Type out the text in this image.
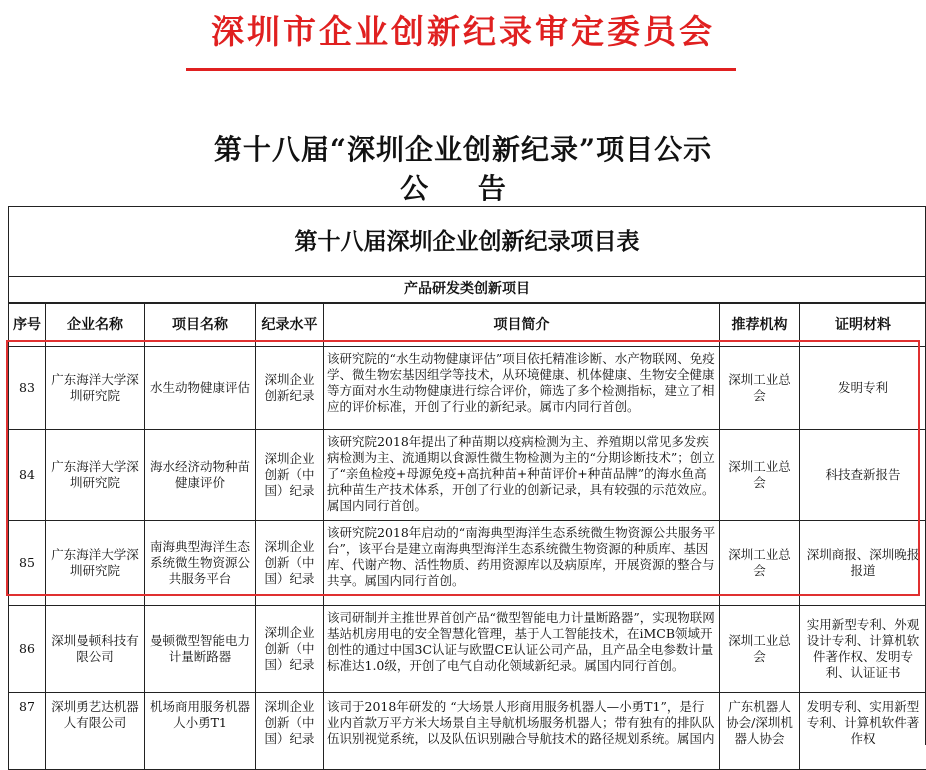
深圳市企业创新纪录审定委员会
第十八届“深圳企业创新纪录”项目公示
公 告
第十八届深圳企业创新纪录项目表
产品研发类创新项目
序号	企业名称	项目名称	纪录水平	项目简介	推荐机构	证明材料
83	广东海洋大学深圳研究院	水生动物健康评估	深圳企业创新纪录	该研究院的“水生动物健康评估”项目依托精准诊断、水产物联网、免疫学、微生物宏基因组学等技术，从环境健康、机体健康、生物安全健康等方面对水生动物健康进行综合评价，筛选了多个检测指标，建立了相应的评价标准，开创了行业的新纪录。属市内同行首创。	深圳工业总会	发明专利
84	广东海洋大学深圳研究院	海水经济动物种苗健康评价	深圳企业创新（中国）纪录	该研究院2018年提出了种苗期以疫病检测为主、养殖期以常见多发疾病检测为主、流通期以食源性微生物检测为主的“分期诊断技术”；创立了“亲鱼检疫+母源免疫+高抗种苗+种苗评价+种苗品牌”的海水鱼高抗种苗生产技术体系，开创了行业的创新记录，具有较强的示范效应。属国内同行首创。	深圳工业总会	科技查新报告
85	广东海洋大学深圳研究院	南海典型海洋生态系统微生物资源公共服务平台	深圳企业创新（中国）纪录	该研究院2018年启动的“南海典型海洋生态系统微生物资源公共服务平台”，该平台是建立南海典型海洋生态系统微生物资源的种质库、基因库、代谢产物、活性物质、药用资源库以及病原库，开展资源的整合与共享。属国内同行首创。	深圳工业总会	深圳商报、深圳晚报报道
86	深圳曼顿科技有限公司	曼顿微型智能电力计量断路器	深圳企业创新（中国）纪录	该司研制并主推世界首创产品“微型智能电力计量断路器”，实现物联网基站机房用电的安全智慧化管理，基于人工智能技术，在iMCB领域开创性的通过中国3C认证与欧盟CE认证公司产品，且产品全电参数计量标准达1.0级，开创了电气自动化领域新纪录。属国内同行首创。	深圳工业总会	实用新型专利、外观设计专利、计算机软件著作权、发明专利、认证证书
87	深圳勇艺达机器人有限公司	机场商用服务机器人小勇T1	深圳企业创新（中国）纪录	该司于2018年研发的 “大场景人形商用服务机器人—小勇T1”，是行业内首款万平方米大场景自主导航机场服务机器人；带有独有的排队队伍识别视觉系统，以及队伍识别融合导航技术的路径规划系统。属国内	广东机器人协会/深圳机器人协会	发明专利、实用新型专利、计算机软件著作权
